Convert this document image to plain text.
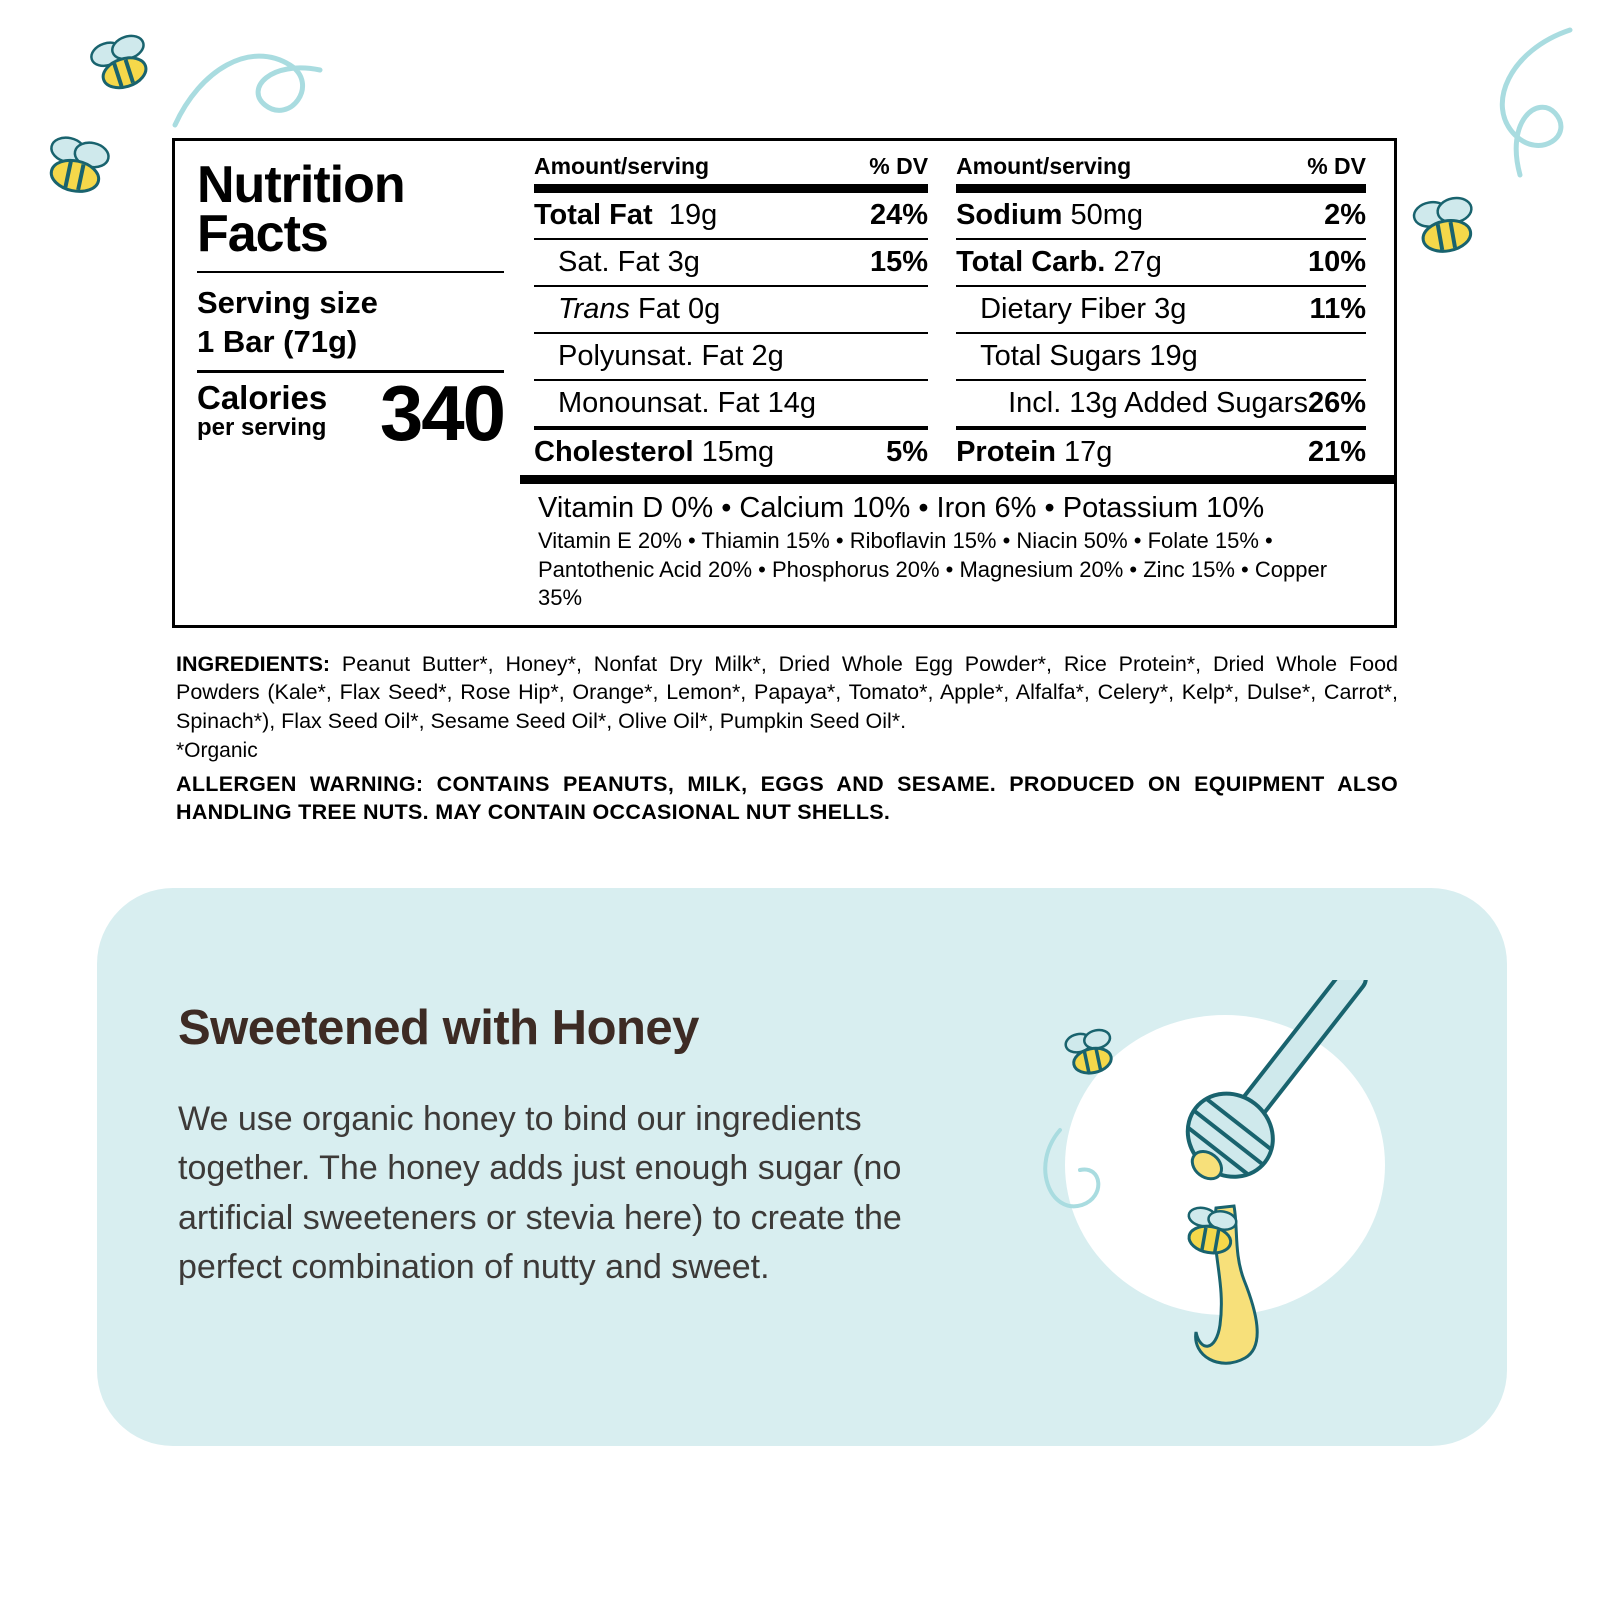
Nutrition
Facts
Serving size
1 Bar (71g)
Calories
per serving 340
Amount/serving	% DV
Total Fat 19g	24%
Sat. Fat 3g	15%
Trans Fat 0g
Polyunsat. Fat 2g
Monounsat. Fat 14g
Cholesterol 15mg	5%
Amount/serving	% DV
Sodium 50mg	2%
Total Carb. 27g	10%
Dietary Fiber 3g	11%
Total Sugars 19g
Incl. 13g Added Sugars 26%
Protein 17g	21%
Vitamin D 0% • Calcium 10% • Iron 6% • Potassium 10%
Vitamin E 20% • Thiamin 15% • Riboflavin 15% • Niacin 50% • Folate 15% • Pantothenic Acid 20% • Phosphorus 20% • Magnesium 20% • Zinc 15% • Copper 35%
INGREDIENTS: Peanut Butter*, Honey*, Nonfat Dry Milk*, Dried Whole Egg Powder*, Rice Protein*, Dried Whole Food Powders (Kale*, Flax Seed*, Rose Hip*, Orange*, Lemon*, Papaya*, Tomato*, Apple*, Alfalfa*, Celery*, Kelp*, Dulse*, Carrot*, Spinach*), Flax Seed Oil*, Sesame Seed Oil*, Olive Oil*, Pumpkin Seed Oil*.
*Organic
ALLERGEN WARNING: CONTAINS PEANUTS, MILK, EGGS AND SESAME. PRODUCED ON EQUIPMENT ALSO HANDLING TREE NUTS. MAY CONTAIN OCCASIONAL NUT SHELLS.
Sweetened with Honey
We use organic honey to bind our ingredients together. The honey adds just enough sugar (no artificial sweeteners or stevia here) to create the perfect combination of nutty and sweet.
